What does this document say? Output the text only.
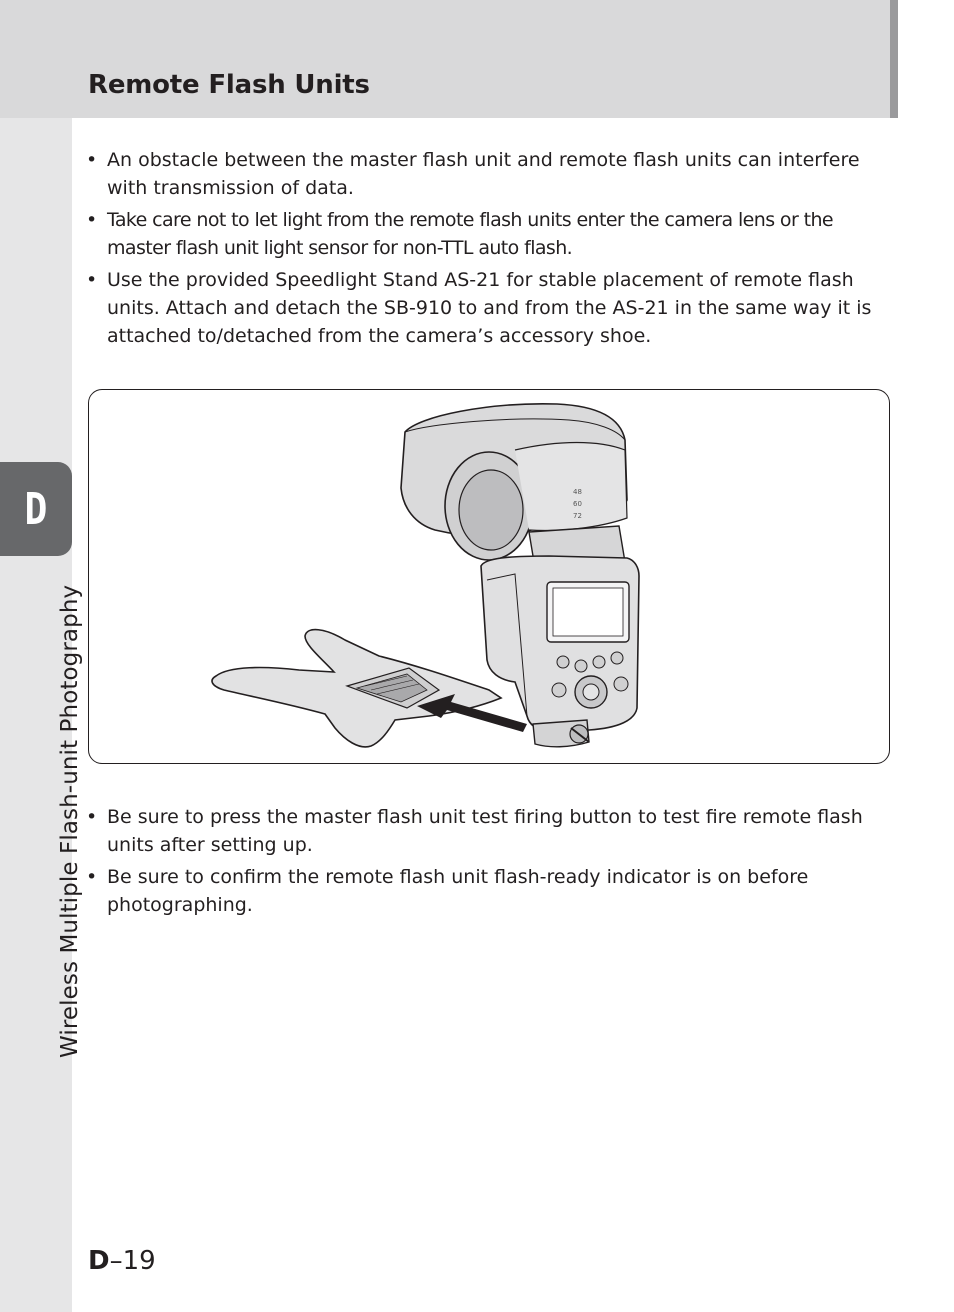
Remote Flash Units
D
Wireless Multiple Flash-unit Photography
• An obstacle between the master flash unit and remote flash units can interfere with transmission of data.
• Take care not to let light from the remote flash units enter the camera lens or the master flash unit light sensor for non-TTL auto flash.
• Use the provided Speedlight Stand AS-21 for stable placement of remote flash units. Attach and detach the SB-910 to and from the AS-21 in the same way it is attached to/detached from the camera’s accessory shoe.
48
60
72
• Be sure to press the master flash unit test firing button to test fire remote flash units after setting up.
• Be sure to confirm the remote flash unit flash-ready indicator is on before photographing.
D–19
